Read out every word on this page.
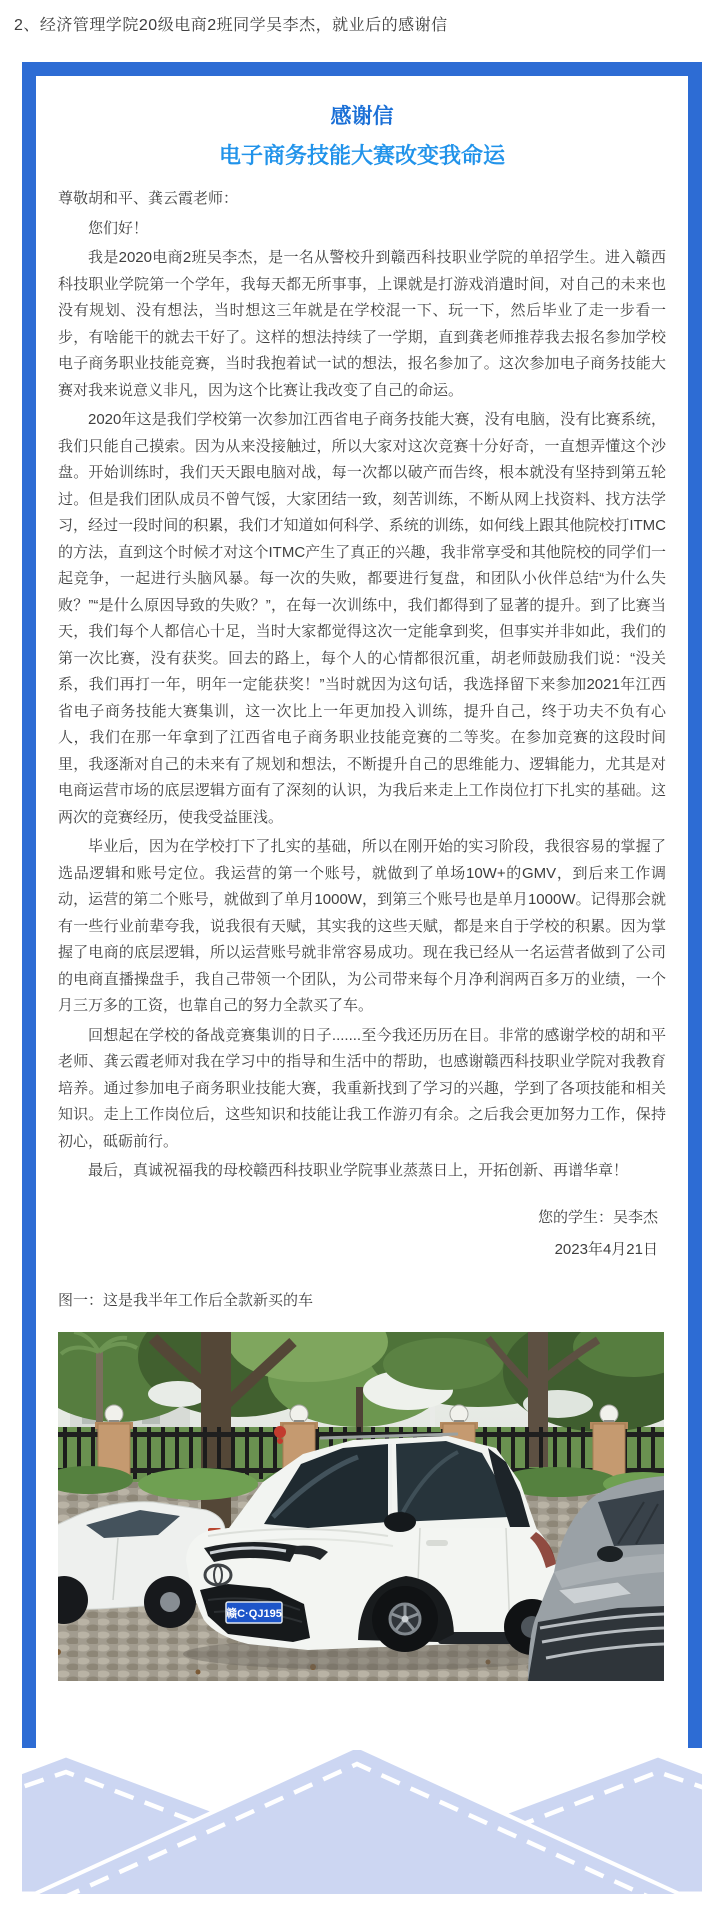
2、经济管理学院20级电商2班同学吴李杰，就业后的感谢信
感谢信
电子商务技能大赛改变我命运

尊敬胡和平、龚云霞老师：

您们好！

我是2020电商2班吴李杰，是一名从警校升到赣西科技职业学院的单招学生。进入赣西科技职业学院第一个学年，我每天都无所事事，上课就是打游戏消遣时间，对自己的未来也没有规划、没有想法，当时想这三年就是在学校混一下、玩一下，然后毕业了走一步看一步，有啥能干的就去干好了。这样的想法持续了一学期，直到龚老师推荐我去报名参加学校电子商务职业技能竞赛，当时我抱着试一试的想法，报名参加了。这次参加电子商务技能大赛对我来说意义非凡，因为这个比赛让我改变了自己的命运。

2020年这是我们学校第一次参加江西省电子商务技能大赛，没有电脑，没有比赛系统，我们只能自己摸索。因为从来没接触过，所以大家对这次竞赛十分好奇，一直想弄懂这个沙盘。开始训练时，我们天天跟电脑对战，每一次都以破产而告终，根本就没有坚持到第五轮过。但是我们团队成员不曾气馁，大家团结一致，刻苦训练，不断从网上找资料、找方法学习，经过一段时间的积累，我们才知道如何科学、系统的训练，如何线上跟其他院校打ITMC的方法，直到这个时候才对这个ITMC产生了真正的兴趣，我非常享受和其他院校的同学们一起竞争，一起进行头脑风暴。每一次的失败，都要进行复盘，和团队小伙伴总结“为什么失败？”“是什么原因导致的失败？”，在每一次训练中，我们都得到了显著的提升。到了比赛当天，我们每个人都信心十足，当时大家都觉得这次一定能拿到奖，但事实并非如此，我们的第一次比赛，没有获奖。回去的路上，每个人的心情都很沉重，胡老师鼓励我们说：“没关系，我们再打一年，明年一定能获奖！”当时就因为这句话，我选择留下来参加2021年江西省电子商务技能大赛集训，这一次比上一年更加投入训练，提升自己，终于功夫不负有心人，我们在那一年拿到了江西省电子商务职业技能竞赛的二等奖。在参加竞赛的这段时间里，我逐渐对自己的未来有了规划和想法，不断提升自己的思维能力、逻辑能力，尤其是对电商运营市场的底层逻辑方面有了深刻的认识，为我后来走上工作岗位打下扎实的基础。这两次的竞赛经历，使我受益匪浅。

毕业后，因为在学校打下了扎实的基础，所以在刚开始的实习阶段，我很容易的掌握了选品逻辑和账号定位。我运营的第一个账号，就做到了单场10W+的GMV，到后来工作调动，运营的第二个账号，就做到了单月1000W，到第三个账号也是单月1000W。记得那会就有一些行业前辈夸我，说我很有天赋，其实我的这些天赋，都是来自于学校的积累。因为掌握了电商的底层逻辑，所以运营账号就非常容易成功。现在我已经从一名运营者做到了公司的电商直播操盘手，我自己带领一个团队，为公司带来每个月净利润两百多万的业绩，一个月三万多的工资，也靠自己的努力全款买了车。

回想起在学校的备战竞赛集训的日子.......至今我还历历在目。非常的感谢学校的胡和平老师、龚云霞老师对我在学习中的指导和生活中的帮助，也感谢赣西科技职业学院对我教育培养。通过参加电子商务职业技能大赛，我重新找到了学习的兴趣，学到了各项技能和相关知识。走上工作岗位后，这些知识和技能让我工作游刃有余。之后我会更加努力工作，保持初心，砥砺前行。

最后，真诚祝福我的母校赣西科技职业学院事业蒸蒸日上，开拓创新、再谱华章！

您的学生：吴李杰
2023年4月21日
图一：这是我半年工作后全款新买的车
赣C·QJ195
